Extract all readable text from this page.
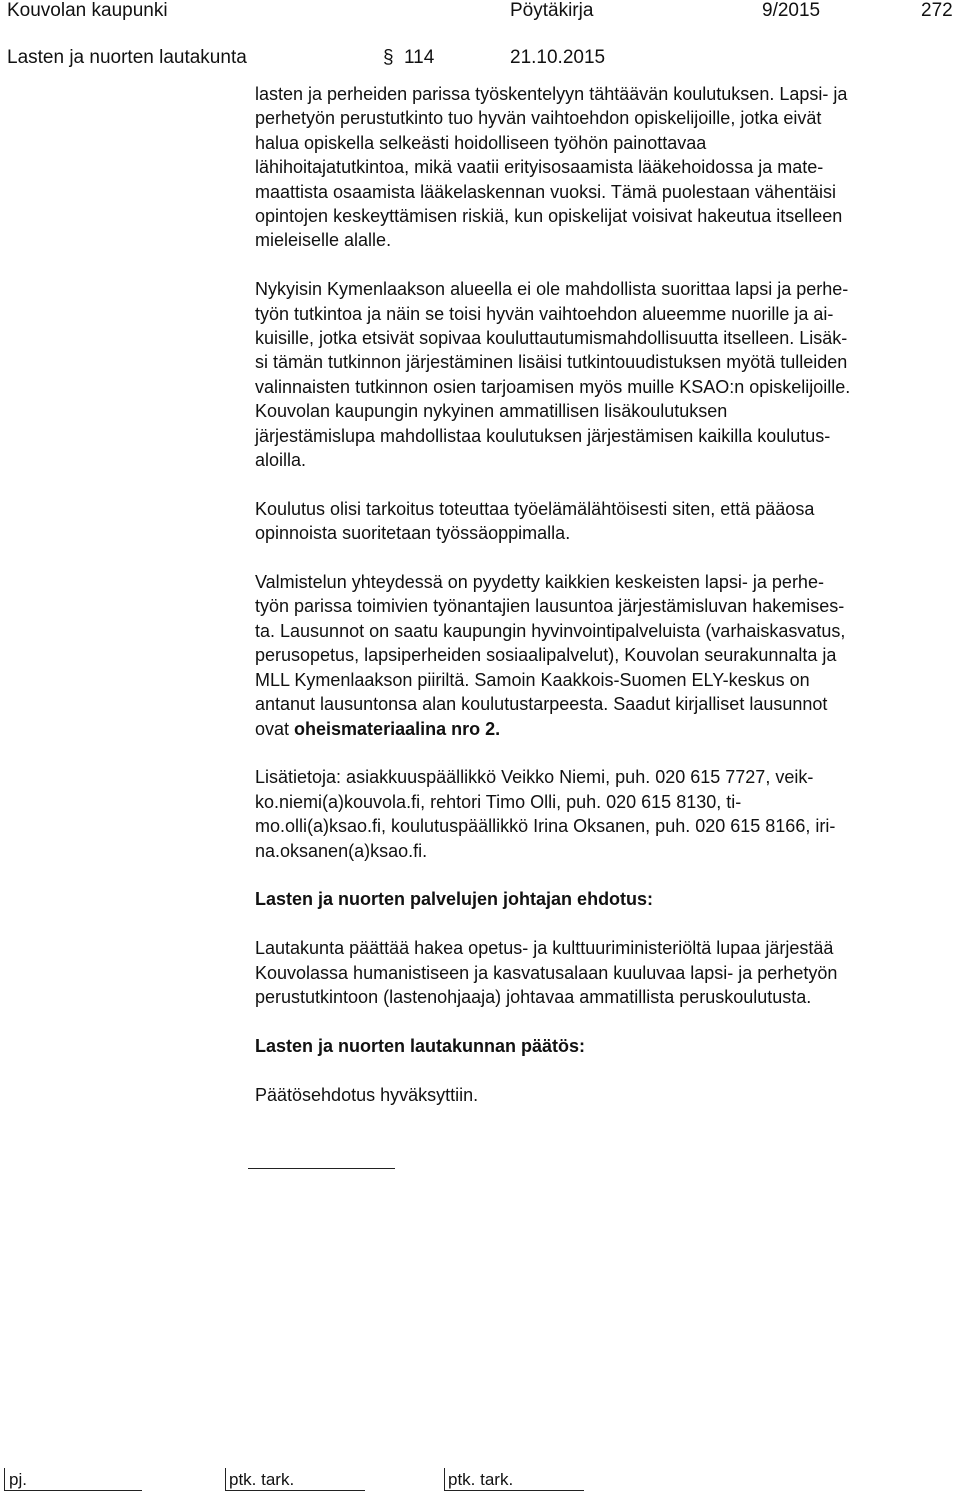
Kouvolan kaupunki	Pöytäkirja	9/2015	272
Lasten ja nuorten lautakunta	§ 114	21.10.2015

lasten ja perheiden parissa työskentelyyn tähtäävän koulutuksen. Lapsi- ja
perhetyön perustutkinto tuo hyvän vaihtoehdon opiskelijoille, jotka eivät
halua opiskella selkeästi hoidolliseen työhön painottavaa
lähihoitajatutkintoa, mikä vaatii erityisosaamista lääkehoidossa ja mate-
maattista osaamista lääkelaskennan vuoksi. Tämä puolestaan vähentäisi
opintojen keskeyttämisen riskiä, kun opiskelijat voisivat hakeutua itselleen
mieleiselle alalle.

Nykyisin Kymenlaakson alueella ei ole mahdollista suorittaa lapsi ja perhe-
työn tutkintoa ja näin se toisi hyvän vaihtoehdon alueemme nuorille ja ai-
kuisille, jotka etsivät sopivaa kouluttautumismahdollisuutta itselleen. Lisäk-
si tämän tutkinnon järjestäminen lisäisi tutkintouudistuksen myötä tulleiden
valinnaisten tutkinnon osien tarjoamisen myös muille KSAO:n opiskelijoille.
Kouvolan kaupungin nykyinen ammatillisen lisäkoulutuksen
järjestämislupa mahdollistaa koulutuksen järjestämisen kaikilla koulutus-
aloilla.

Koulutus olisi tarkoitus toteuttaa työelämälähtöisesti siten, että pääosa
opinnoista suoritetaan työssäoppimalla.

Valmistelun yhteydessä on pyydetty kaikkien keskeisten lapsi- ja perhe-
työn parissa toimivien työnantajien lausuntoa järjestämisluvan hakemises-
ta. Lausunnot on saatu kaupungin hyvinvointipalveluista (varhaiskasvatus,
perusopetus, lapsiperheiden sosiaalipalvelut), Kouvolan seurakunnalta ja
MLL Kymenlaakson piiriltä. Samoin Kaakkois-Suomen ELY-keskus on
antanut lausuntonsa alan koulutustarpeesta. Saadut kirjalliset lausunnot
ovat oheismateriaalina nro 2.

Lisätietoja: asiakkuuspäällikkö Veikko Niemi, puh. 020 615 7727, veik-
ko.niemi(a)kouvola.fi, rehtori Timo Olli, puh. 020 615 8130, ti-
mo.olli(a)ksao.fi, koulutuspäällikkö Irina Oksanen, puh. 020 615 8166, iri-
na.oksanen(a)ksao.fi.

Lasten ja nuorten palvelujen johtajan ehdotus:

Lautakunta päättää hakea opetus- ja kulttuuriministeriöltä lupaa järjestää
Kouvolassa humanistiseen ja kasvatusalaan kuuluvaa lapsi- ja perhetyön
perustutkintoon (lastenohjaaja) johtavaa ammatillista peruskoulutusta.

Lasten ja nuorten lautakunnan päätös:

Päätösehdotus hyväksyttiin.

pj.	ptk. tark.	ptk. tark.
